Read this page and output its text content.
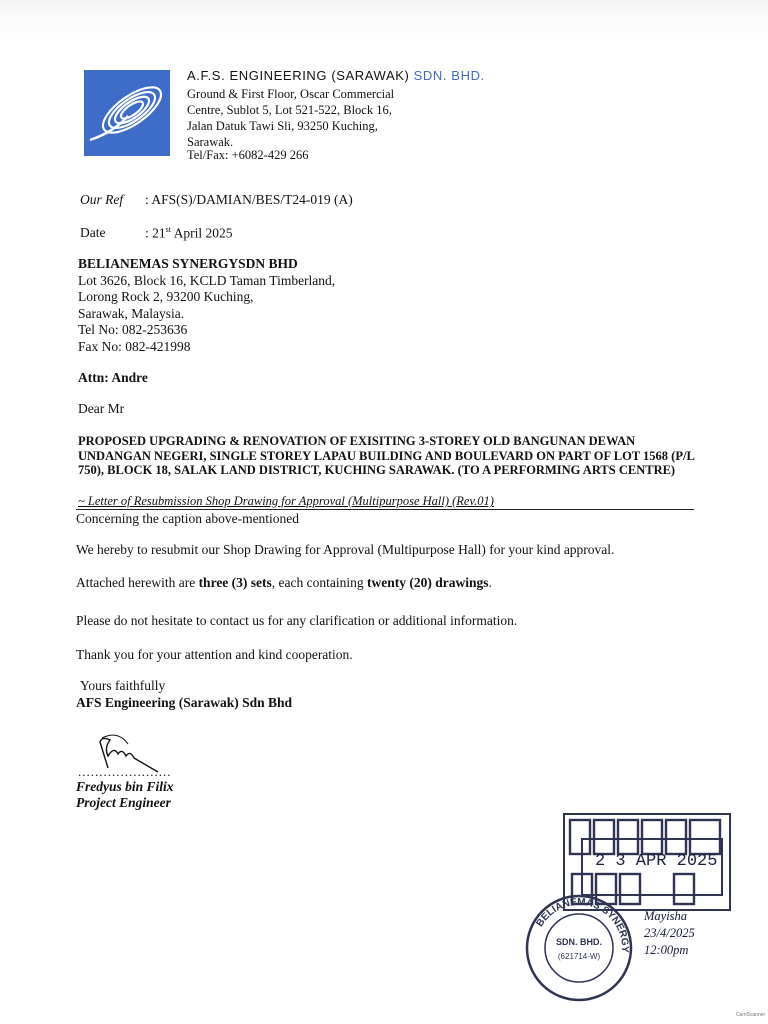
A.F.S. ENGINEERING (SARAWAK) SDN. BHD.
Ground & First Floor, Oscar Commercial
Centre, Sublot 5, Lot 521-522, Block 16,
Jalan Datuk Tawi Sli, 93250 Kuching,
Sarawak.
Tel/Fax: +6082-429 266
Our Ref : AFS(S)/DAMIAN/BES/T24-019 (A)
Date	: 21st April 2025
BELIANEMAS SYNERGYSDN BHD
Lot 3626, Block 16, KCLD Taman Timberland,
Lorong Rock 2, 93200 Kuching,
Sarawak, Malaysia.
Tel No: 082-253636
Fax No: 082-421998
Attn: Andre
Dear Mr
PROPOSED UPGRADING & RENOVATION OF EXISITING 3-STOREY OLD BANGUNAN DEWAN UNDANGAN NEGERI, SINGLE STOREY LAPAU BUILDING AND BOULEVARD ON PART OF LOT 1568 (P/L 750), BLOCK 18, SALAK LAND DISTRICT, KUCHING SARAWAK. (TO A PERFORMING ARTS CENTRE)
~ Letter of Resubmission Shop Drawing for Approval (Multipurpose Hall) (Rev.01)
Concerning the caption above-mentioned
We hereby to resubmit our Shop Drawing for Approval (Multipurpose Hall) for your kind approval.
Attached herewith are three (3) sets, each containing twenty (20) drawings.
Please do not hesitate to contact us for any clarification or additional information.
Thank you for your attention and kind cooperation.
Yours faithfully
AFS Engineering (Sarawak) Sdn Bhd
......................
Fredyus bin Filix
Project Engineer
2 3 APR 2025
BELIANEMAS SYNERGY
SDN. BHD.
(621714-W)
Mayisha
23/4/2025
12:00pm
CamScanner
